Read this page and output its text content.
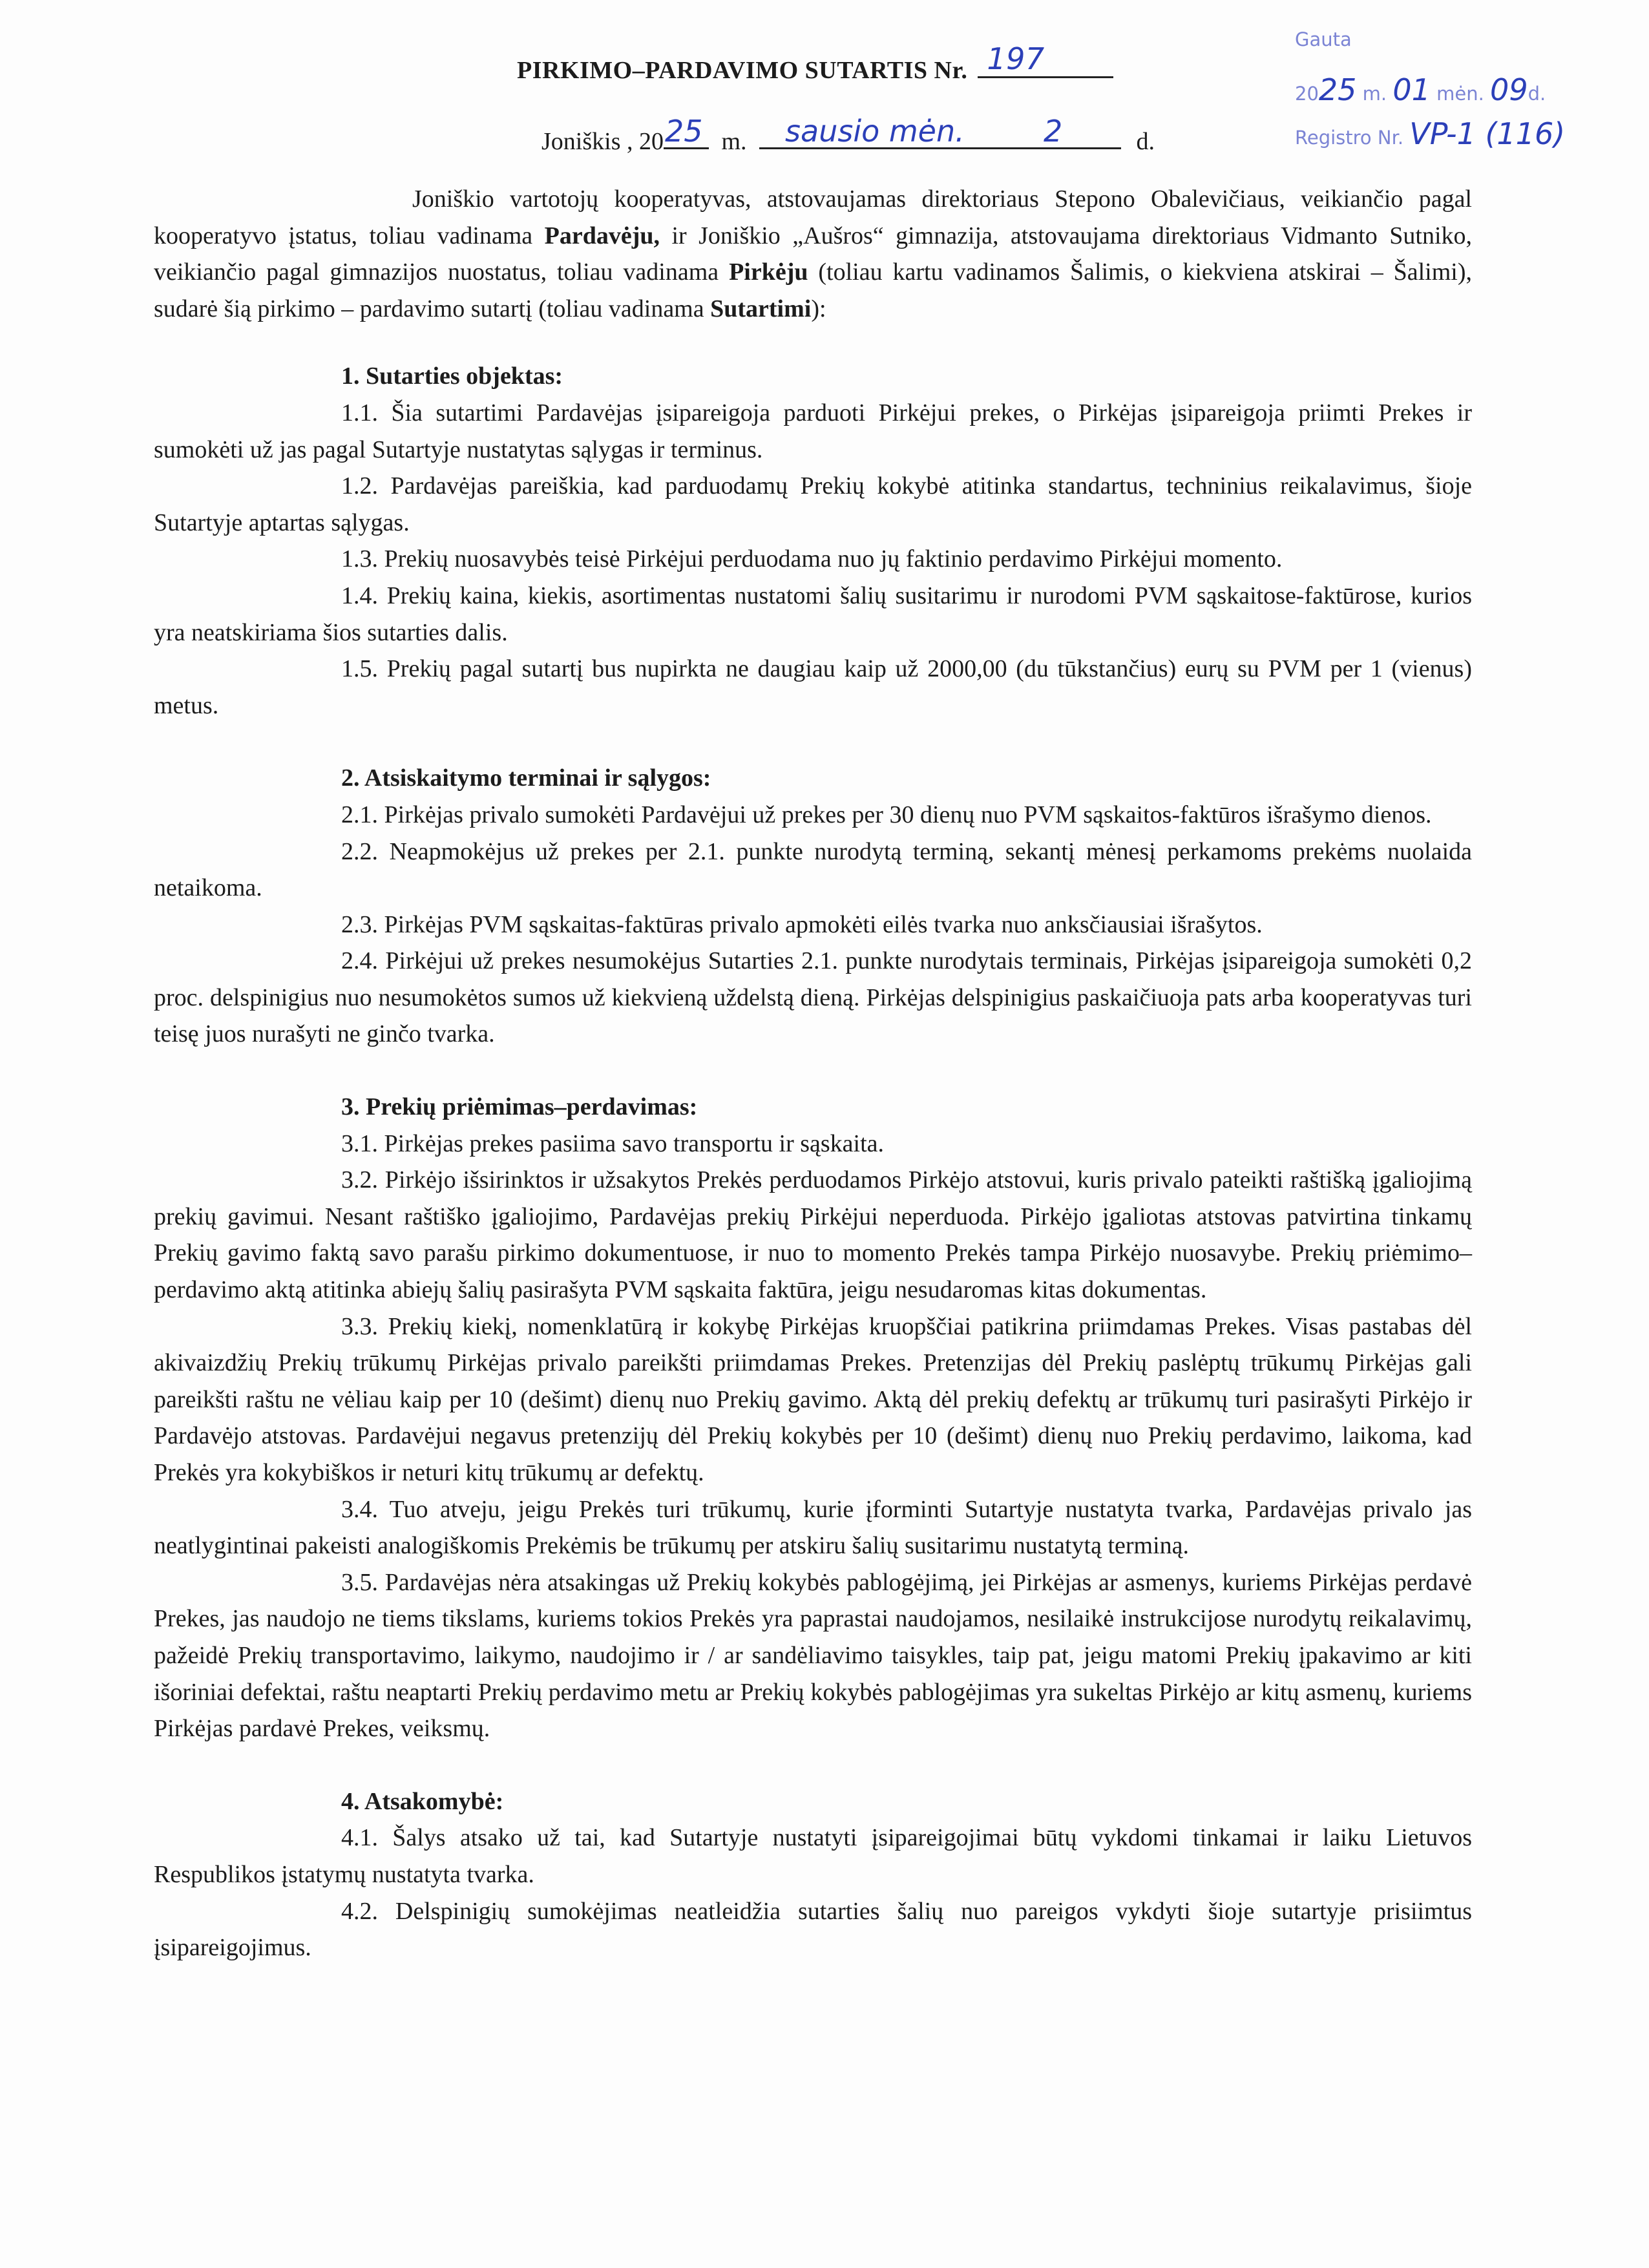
PIRKIMO–PARDAVIMO SUTARTIS Nr. 197
Joniškis , 20 25 m. sausio mėn.	2	d.
Gauta
2025 m. 01 mėn. 09d.
Registro Nr. VP-1 (116)

Joniškio vartotojų kooperatyvas, atstovaujamas direktoriaus Stepono Obalevičiaus, veikiančio pagal kooperatyvo įstatus, toliau vadinama Pardavėju, ir Joniškio „Aušros“ gimnazija, atstovaujama direktoriaus Vidmanto Sutniko, veikiančio pagal gimnazijos nuostatus, toliau vadinama Pirkėju (toliau kartu vadinamos Šalimis, o kiekviena atskirai – Šalimi), sudarė šią pirkimo – pardavimo sutartį (toliau vadinama Sutartimi):

1. Sutarties objektas:

1.1. Šia sutartimi Pardavėjas įsipareigoja parduoti Pirkėjui prekes, o Pirkėjas įsipareigoja priimti Prekes ir sumokėti už jas pagal Sutartyje nustatytas sąlygas ir terminus.

1.2. Pardavėjas pareiškia, kad parduodamų Prekių kokybė atitinka standartus, techninius reikalavimus, šioje Sutartyje aptartas sąlygas.

1.3. Prekių nuosavybės teisė Pirkėjui perduodama nuo jų faktinio perdavimo Pirkėjui momento.

1.4. Prekių kaina, kiekis, asortimentas nustatomi šalių susitarimu ir nurodomi PVM sąskaitose-faktūrose, kurios yra neatskiriama šios sutarties dalis.

1.5. Prekių pagal sutartį bus nupirkta ne daugiau kaip už 2000,00 (du tūkstančius) eurų su PVM per 1 (vienus) metus.

2. Atsiskaitymo terminai ir sąlygos:

2.1. Pirkėjas privalo sumokėti Pardavėjui už prekes per 30 dienų nuo PVM sąskaitos-faktūros išrašymo dienos.

2.2. Neapmokėjus už prekes per 2.1. punkte nurodytą terminą, sekantį mėnesį perkamoms prekėms nuolaida netaikoma.

2.3. Pirkėjas PVM sąskaitas-faktūras privalo apmokėti eilės tvarka nuo anksčiausiai išrašytos.

2.4. Pirkėjui už prekes nesumokėjus Sutarties 2.1. punkte nurodytais terminais, Pirkėjas įsipareigoja sumokėti 0,2 proc. delspinigius nuo nesumokėtos sumos už kiekvieną uždelstą dieną. Pirkėjas delspinigius paskaičiuoja pats arba kooperatyvas turi teisę juos nurašyti ne ginčo tvarka.

3. Prekių priėmimas–perdavimas:

3.1. Pirkėjas prekes pasiima savo transportu ir sąskaita.

3.2. Pirkėjo išsirinktos ir užsakytos Prekės perduodamos Pirkėjo atstovui, kuris privalo pateikti raštišką įgaliojimą prekių gavimui. Nesant raštiško įgaliojimo, Pardavėjas prekių Pirkėjui neperduoda. Pirkėjo įgaliotas atstovas patvirtina tinkamų Prekių gavimo faktą savo parašu pirkimo dokumentuose, ir nuo to momento Prekės tampa Pirkėjo nuosavybe. Prekių priėmimo–perdavimo aktą atitinka abiejų šalių pasirašyta PVM sąskaita faktūra, jeigu nesudaromas kitas dokumentas.

3.3. Prekių kiekį, nomenklatūrą ir kokybę Pirkėjas kruopščiai patikrina priimdamas Prekes. Visas pastabas dėl akivaizdžių Prekių trūkumų Pirkėjas privalo pareikšti priimdamas Prekes. Pretenzijas dėl Prekių paslėptų trūkumų Pirkėjas gali pareikšti raštu ne vėliau kaip per 10 (dešimt) dienų nuo Prekių gavimo. Aktą dėl prekių defektų ar trūkumų turi pasirašyti Pirkėjo ir Pardavėjo atstovas. Pardavėjui negavus pretenzijų dėl Prekių kokybės per 10 (dešimt) dienų nuo Prekių perdavimo, laikoma, kad Prekės yra kokybiškos ir neturi kitų trūkumų ar defektų.

3.4. Tuo atveju, jeigu Prekės turi trūkumų, kurie įforminti Sutartyje nustatyta tvarka, Pardavėjas privalo jas neatlygintinai pakeisti analogiškomis Prekėmis be trūkumų per atskiru šalių susitarimu nustatytą terminą.

3.5. Pardavėjas nėra atsakingas už Prekių kokybės pablogėjimą, jei Pirkėjas ar asmenys, kuriems Pirkėjas perdavė Prekes, jas naudojo ne tiems tikslams, kuriems tokios Prekės yra paprastai naudojamos, nesilaikė instrukcijose nurodytų reikalavimų, pažeidė Prekių transportavimo, laikymo, naudojimo ir / ar sandėliavimo taisykles, taip pat, jeigu matomi Prekių įpakavimo ar kiti išoriniai defektai, raštu neaptarti Prekių perdavimo metu ar Prekių kokybės pablogėjimas yra sukeltas Pirkėjo ar kitų asmenų, kuriems Pirkėjas pardavė Prekes, veiksmų.

4. Atsakomybė:

4.1. Šalys atsako už tai, kad Sutartyje nustatyti įsipareigojimai būtų vykdomi tinkamai ir laiku Lietuvos Respublikos įstatymų nustatyta tvarka.

4.2. Delspinigių sumokėjimas neatleidžia sutarties šalių nuo pareigos vykdyti šioje sutartyje prisiimtus įsipareigojimus.
